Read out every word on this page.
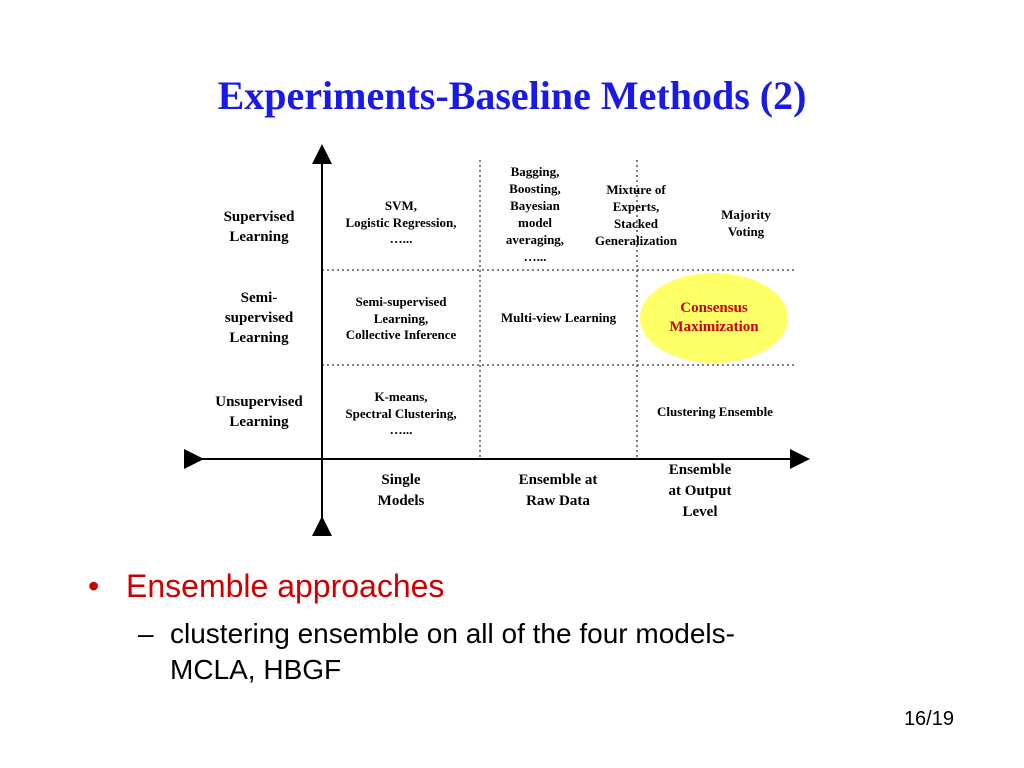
Experiments-Baseline Methods (2)
Supervised
Learning
Semi-
supervised
Learning
Unsupervised
Learning
SVM,
Logistic Regression,
…...
Bagging,
Boosting,
Bayesian
model
averaging,
…...
Mixture of
Experts,
Stacked
Generalization
Majority
Voting
Semi-supervised
Learning,
Collective Inference
Multi-view Learning
Consensus
Maximization
K-means,
Spectral Clustering,
…...
Clustering Ensemble
Single
Models
Ensemble at
Raw Data
Ensemble
at Output
Level
• Ensemble approaches
– clustering ensemble on all of the four models-
MCLA, HBGF
16/19
